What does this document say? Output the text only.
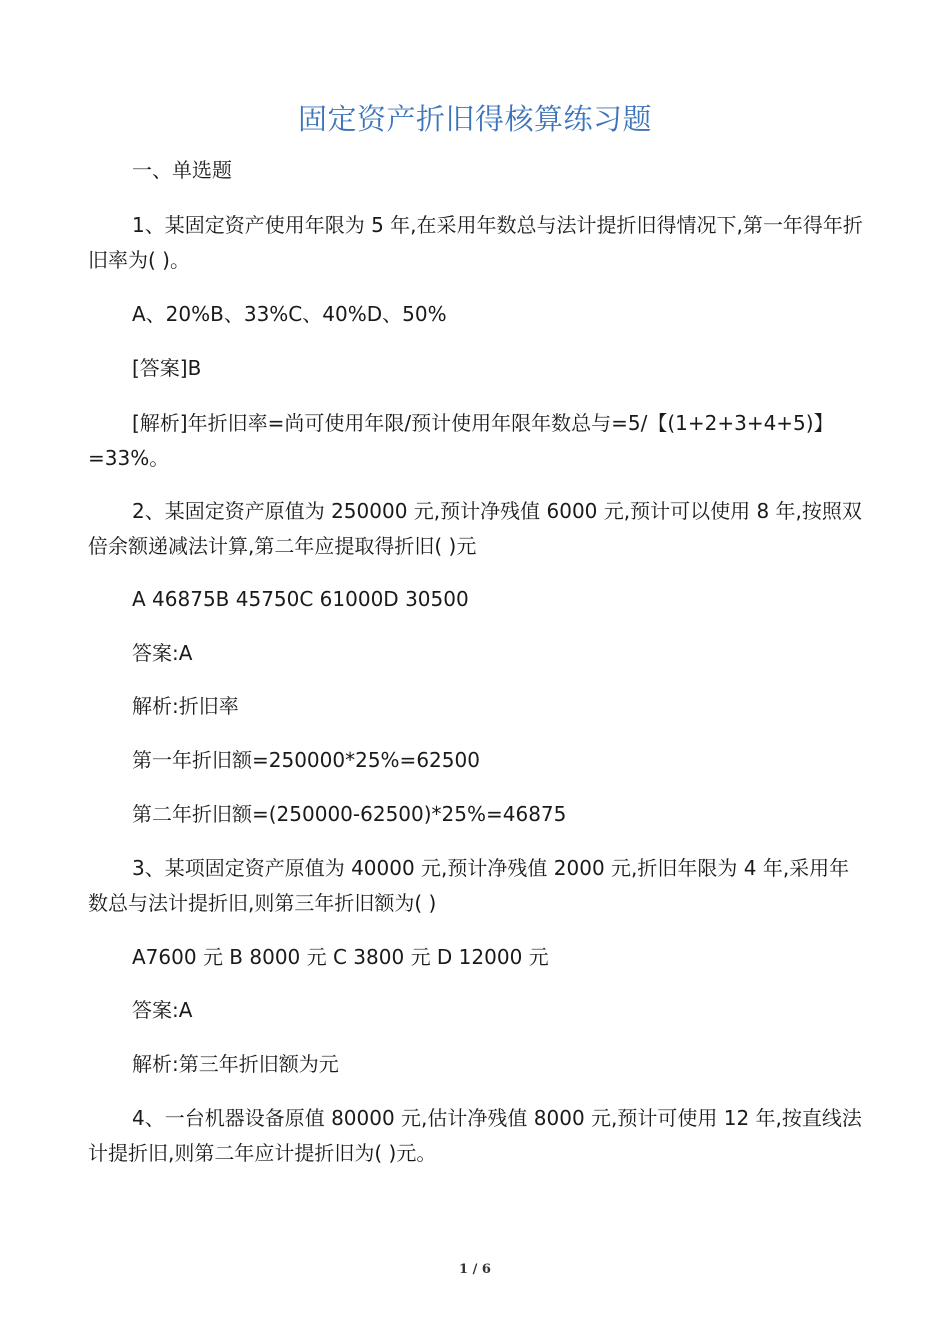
固定资产折旧得核算练习题
一、单选题
1、某固定资产使用年限为 5 年,在采用年数总与法计提折旧得情况下,第一年得年折旧率为( )。
A、20%B、33%C、40%D、50%
[答案]B
[解析]年折旧率=尚可使用年限/预计使用年限年数总与=5/【(1+2+3+4+5)】=33%。
2、某固定资产原值为 250000 元,预计净残值 6000 元,预计可以使用 8 年,按照双倍余额递减法计算,第二年应提取得折旧( )元
A 46875B 45750C 61000D 30500
答案:A
解析:折旧率
第一年折旧额=250000*25%=62500
第二年折旧额=(250000-62500)*25%=46875
3、某项固定资产原值为 40000 元,预计净残值 2000 元,折旧年限为 4 年,采用年数总与法计提折旧,则第三年折旧额为( )
A7600 元 B 8000 元 C 3800 元 D 12000 元
答案:A
解析:第三年折旧额为元
4、一台机器设备原值 80000 元,估计净残值 8000 元,预计可使用 12 年,按直线法计提折旧,则第二年应计提折旧为( )元。
1 / 6
